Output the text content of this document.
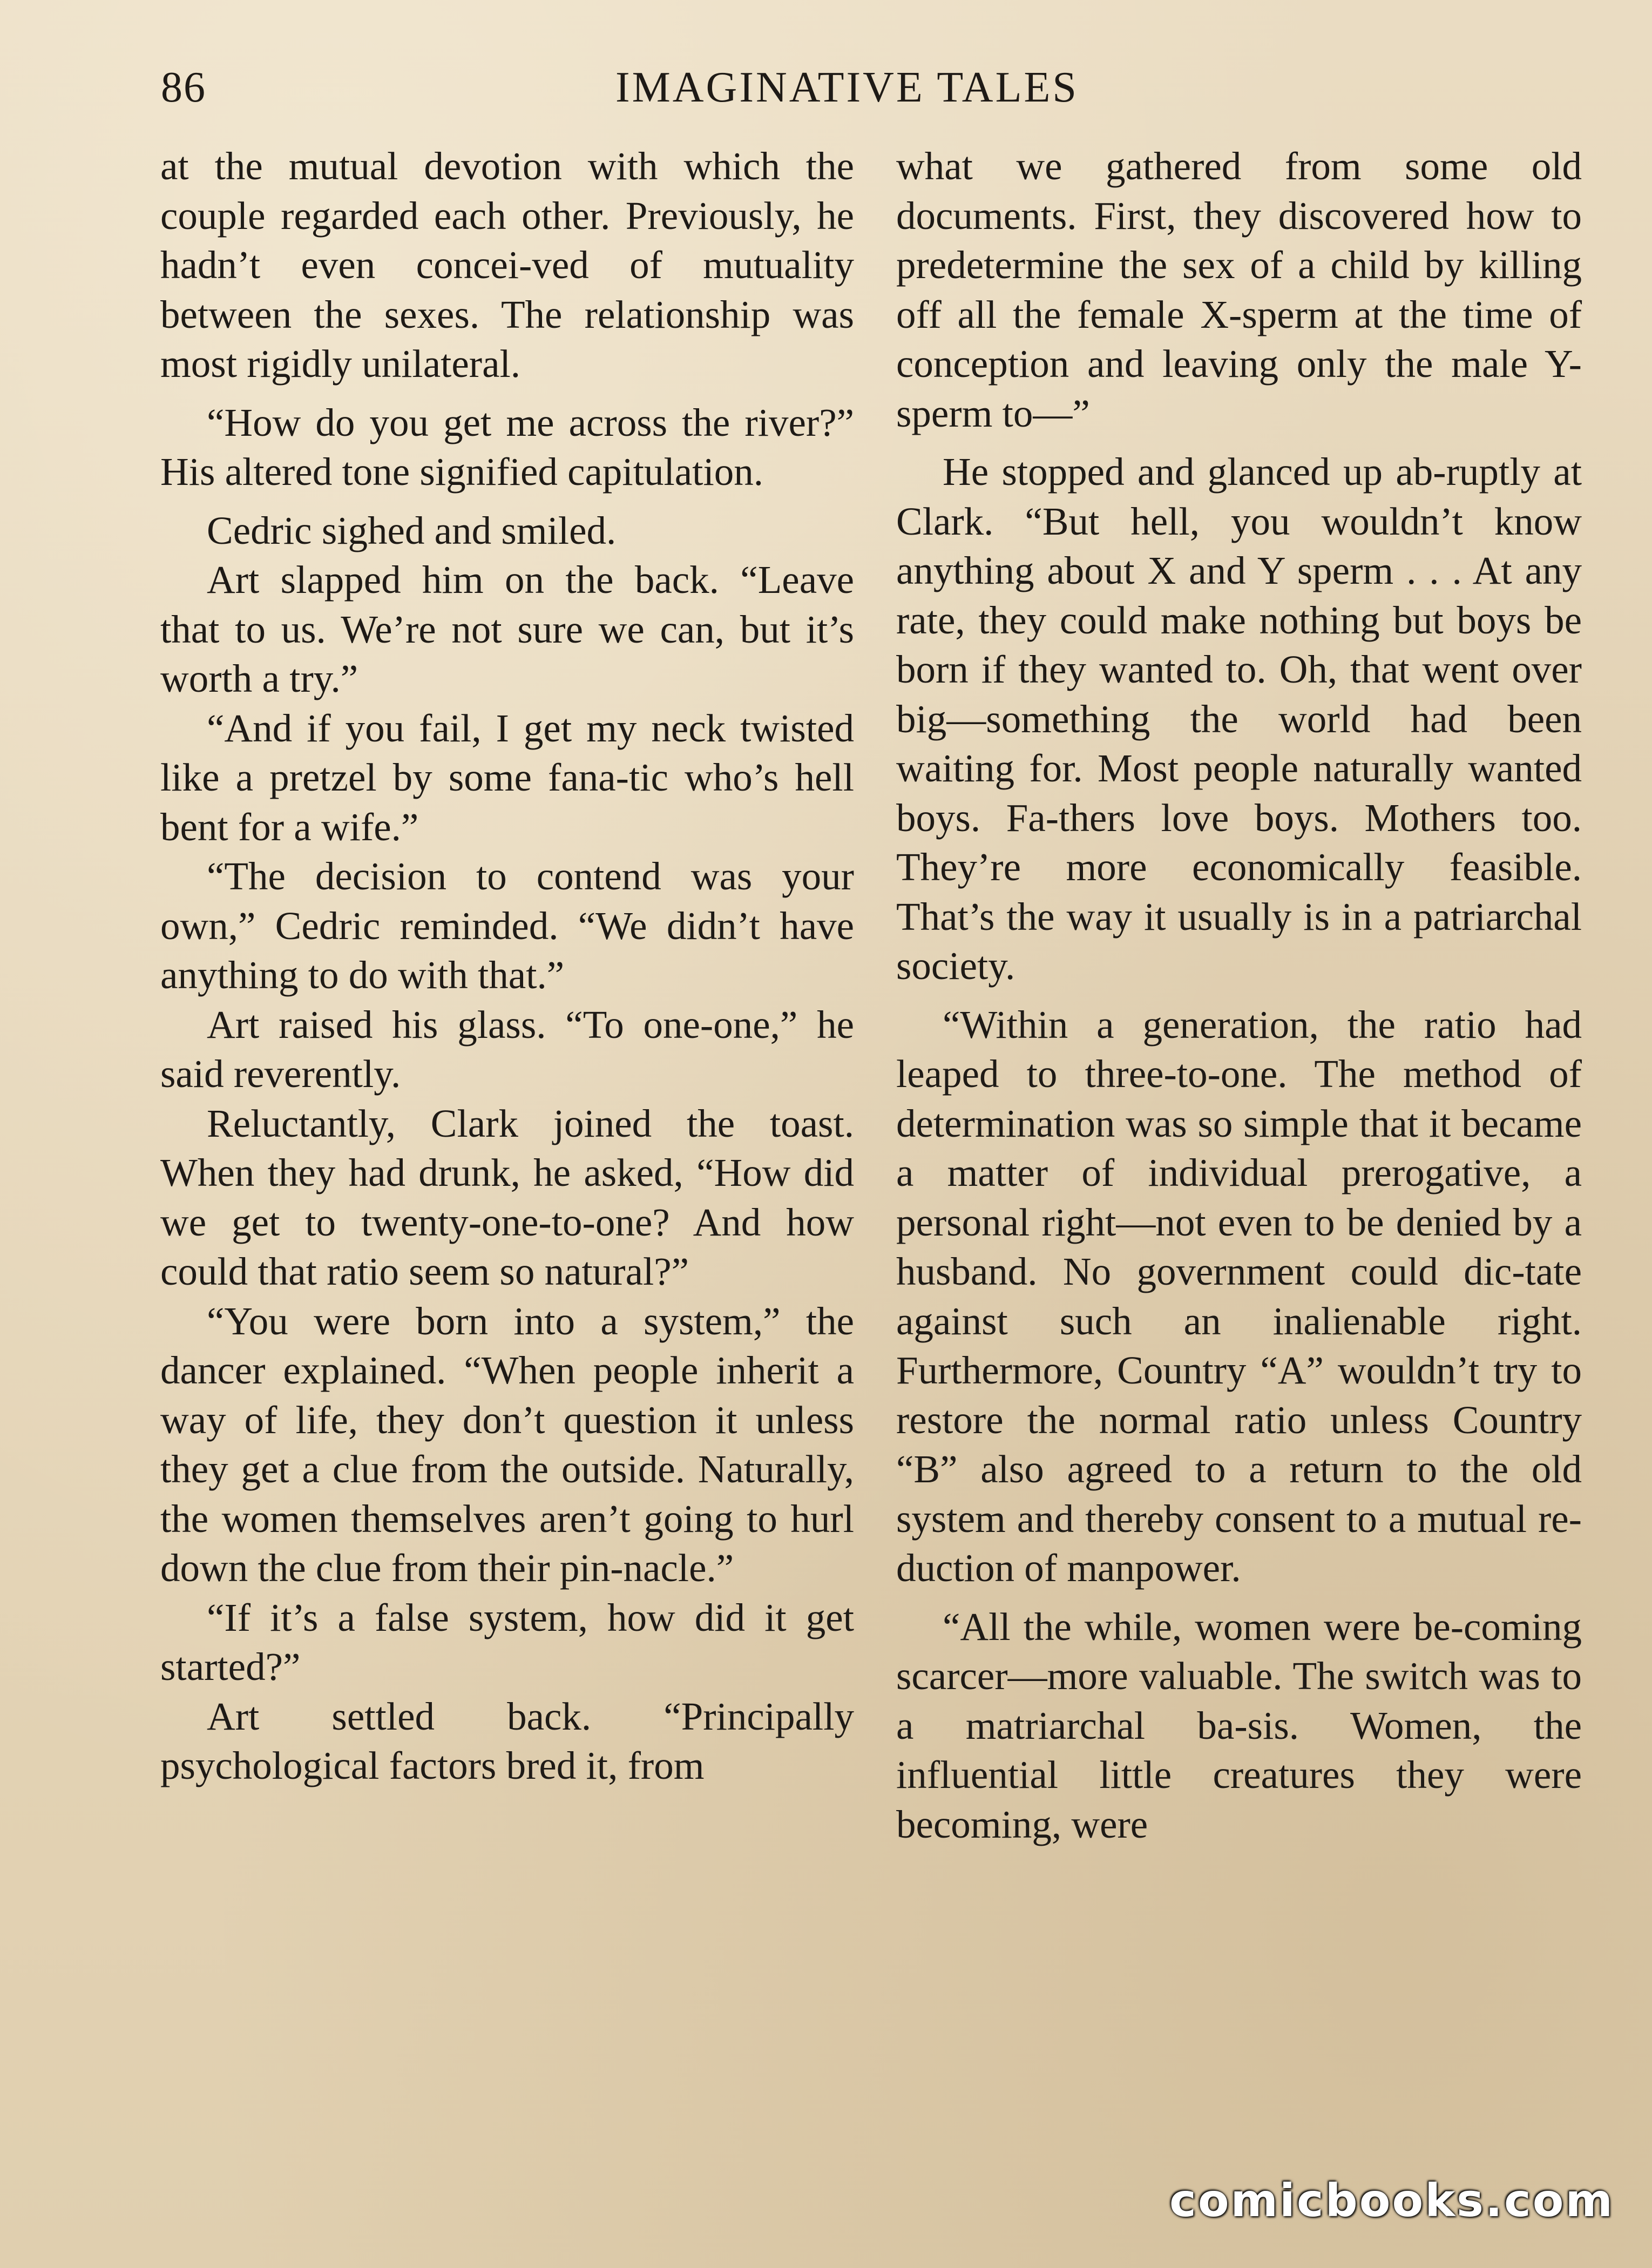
86	IMAGINATIVE TALES

at the mutual devotion with which the couple regarded each other. Previously, he hadn’t even concei-ved of mutuality between the sexes. The relationship was most rigidly unilateral.

“How do you get me across the river?” His altered tone signified capitulation.

Cedric sighed and smiled.

Art slapped him on the back. “Leave that to us. We’re not sure we can, but it’s worth a try.”

“And if you fail, I get my neck twisted like a pretzel by some fana-tic who’s hell bent for a wife.”

“The decision to contend was your own,” Cedric reminded. “We didn’t have anything to do with that.”

Art raised his glass. “To one-one,” he said reverently.

Reluctantly, Clark joined the toast. When they had drunk, he asked, “How did we get to twenty-one-to-one? And how could that ratio seem so natural?”

“You were born into a system,” the dancer explained. “When people inherit a way of life, they don’t question it unless they get a clue from the outside. Naturally, the women themselves aren’t going to hurl down the clue from their pin-nacle.”

“If it’s a false system, how did it get started?”

Art settled back. “Principally psychological factors bred it, from

what we gathered from some old documents. First, they discovered how to predetermine the sex of a child by killing off all the female X-sperm at the time of conception and leaving only the male Y-sperm to—”

He stopped and glanced up ab-ruptly at Clark. “But hell, you wouldn’t know anything about X and Y sperm . . . At any rate, they could make nothing but boys be born if they wanted to. Oh, that went over big—something the world had been waiting for. Most people naturally wanted boys. Fa-thers love boys. Mothers too. They’re more economically feasible. That’s the way it usually is in a patriarchal society.

“Within a generation, the ratio had leaped to three-to-one. The method of determination was so simple that it became a matter of individual prerogative, a personal right—not even to be denied by a husband. No government could dic-tate against such an inalienable right. Furthermore, Country “A” wouldn’t try to restore the normal ratio unless Country “B” also agreed to a return to the old system and thereby consent to a mutual re-duction of manpower.

“All the while, women were be-coming scarcer—more valuable. The switch was to a matriarchal ba-sis. Women, the influential little creatures they were becoming, were

comicbooks.com
